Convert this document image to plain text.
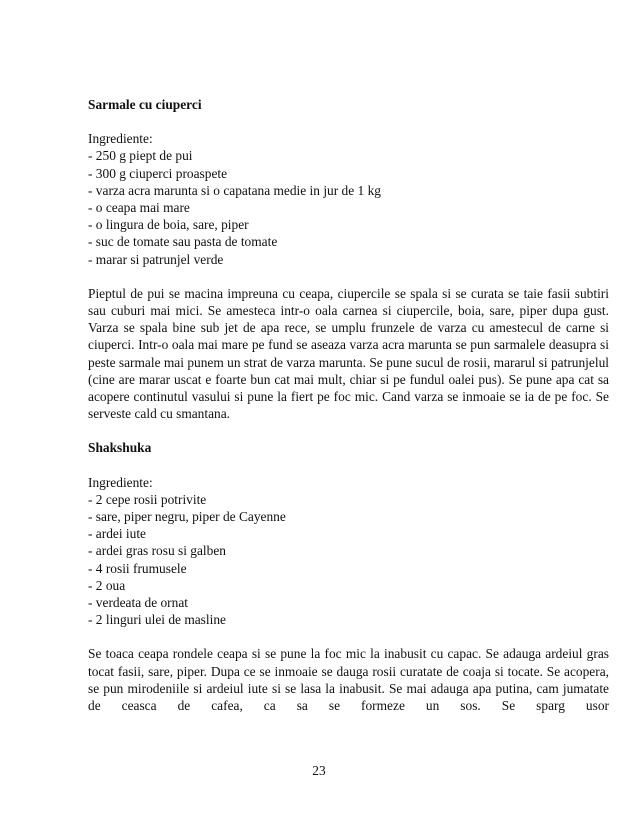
Sarmale cu ciuperci

Ingrediente:

- 250 g piept de pui

- 300 g ciuperci proaspete

- varza acra marunta si o capatana medie in jur de 1 kg

- o ceapa mai mare

- o lingura de boia, sare, piper

- suc de tomate sau pasta de tomate

- marar si patrunjel verde

Pieptul de pui se macina impreuna cu ceapa, ciupercile se spala si se curata se taie fasii subtiri sau cuburi mai mici. Se amesteca intr-o oala carnea si ciupercile, boia, sare, piper dupa gust. Varza se spala bine sub jet de apa rece, se umplu frunzele de varza cu amestecul de carne si ciuperci. Intr-o oala mai mare pe fund se aseaza varza acra marunta se pun sarmalele deasupra si peste sarmale mai punem un strat de varza marunta. Se pune sucul de rosii, mararul si patrunjelul (cine are marar uscat e foarte bun cat mai mult, chiar si pe fundul oalei pus). Se pune apa cat sa acopere continutul vasului si pune la fiert pe foc mic. Cand varza se inmoaie se ia de pe foc. Se serveste cald cu smantana.

Shakshuka

Ingrediente:

- 2 cepe rosii potrivite

- sare, piper negru, piper de Cayenne

- ardei iute

- ardei gras rosu si galben

- 4 rosii frumusele

- 2 oua

- verdeata de ornat

- 2 linguri ulei de masline

Se toaca ceapa rondele ceapa si se pune la foc mic la inabusit cu capac. Se adauga ardeiul gras tocat fasii, sare, piper. Dupa ce se inmoaie se dauga rosii curatate de coaja si tocate. Se acopera, se pun mirodeniile si ardeiul iute si se lasa la inabusit. Se mai adauga apa putina, cam jumatate de ceasca de cafea, ca sa se formeze un sos. Se sparg usor

23
